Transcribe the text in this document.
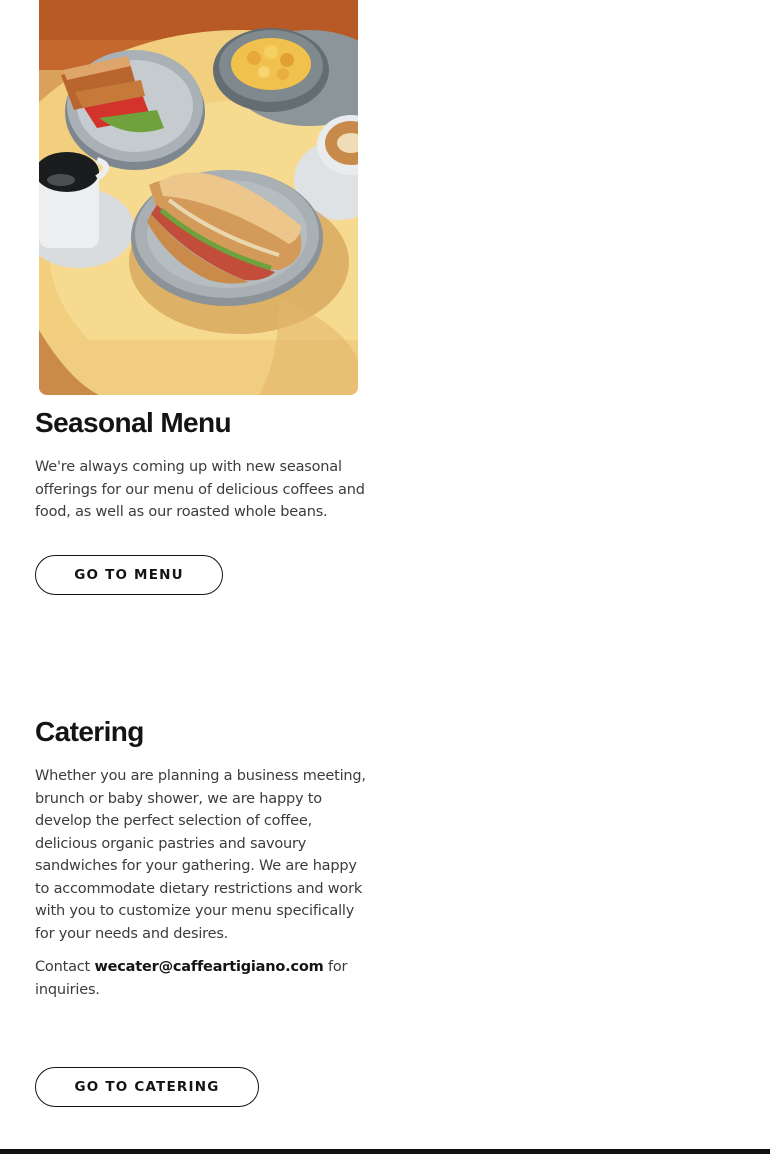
Seasonal Menu

We're always coming up with new seasonal offerings for our menu of delicious coffees and food, as well as our roasted whole beans.

GO TO MENU
Catering

Whether you are planning a business meeting, brunch or baby shower, we are happy to develop the perfect selection of coffee, delicious organic pastries and savoury sandwiches for your gathering. We are happy to accommodate dietary restrictions and work with you to customize your menu specifically for your needs and desires.

Contact wecater@caffeartigiano.com for inquiries.

GO TO CATERING
